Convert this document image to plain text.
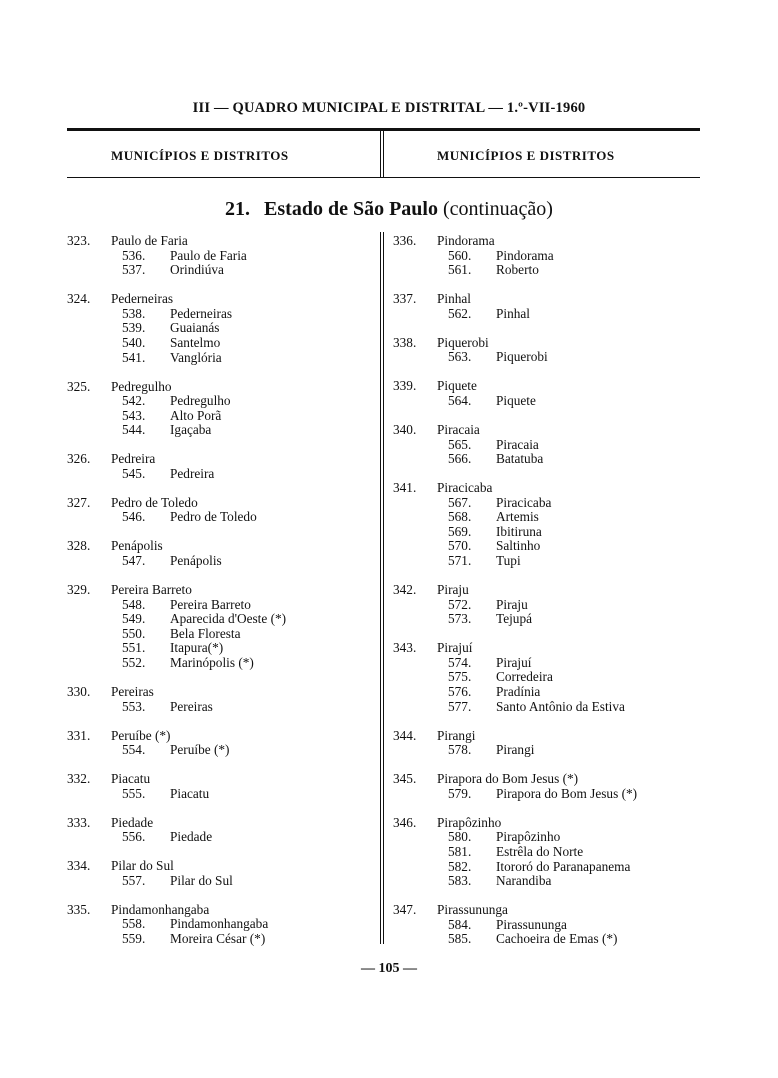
III — QUADRO MUNICIPAL E DISTRITAL — 1.º-VII-1960
MUNICÍPIOS E DISTRITOS	MUNICÍPIOS E DISTRITOS
21. Estado de São Paulo (continuação)
323. Paulo de Faria
536. Paulo de Faria
537. Orindiúva
324. Pederneiras
538. Pederneiras
539. Guaianás
540. Santelmo
541. Vanglória
325. Pedregulho
542. Pedregulho
543. Alto Porã
544. Igaçaba
326. Pedreira
545. Pedreira
327. Pedro de Toledo
546. Pedro de Toledo
328. Penápolis
547. Penápolis
329. Pereira Barreto
548. Pereira Barreto
549. Aparecida d'Oeste (*)
550. Bela Floresta
551. Itapura(*)
552. Marinópolis (*)
330. Pereiras
553. Pereiras
331. Peruíbe (*)
554. Peruíbe (*)
332. Piacatu
555. Piacatu
333. Piedade
556. Piedade
334. Pilar do Sul
557. Pilar do Sul
335. Pindamonhangaba
558. Pindamonhangaba
559. Moreira César (*)
336. Pindorama
560. Pindorama
561. Roberto
337. Pinhal
562. Pinhal
338. Piquerobi
563. Piquerobi
339. Piquete
564. Piquete
340. Piracaia
565. Piracaia
566. Batatuba
341. Piracicaba
567. Piracicaba
568. Artemis
569. Ibitiruna
570. Saltinho
571. Tupi
342. Piraju
572. Piraju
573. Tejupá
343. Pirajuí
574. Pirajuí
575. Corredeira
576. Pradínia
577. Santo Antônio da Estiva
344. Pirangi
578. Pirangi
345. Pirapora do Bom Jesus (*)
579. Pirapora do Bom Jesus (*)
346. Pirapôzinho
580. Pirapôzinho
581. Estrêla do Norte
582. Itororó do Paranapanema
583. Narandiba
347. Pirassununga
584. Pirassununga
585. Cachoeira de Emas (*)
— 105 —
